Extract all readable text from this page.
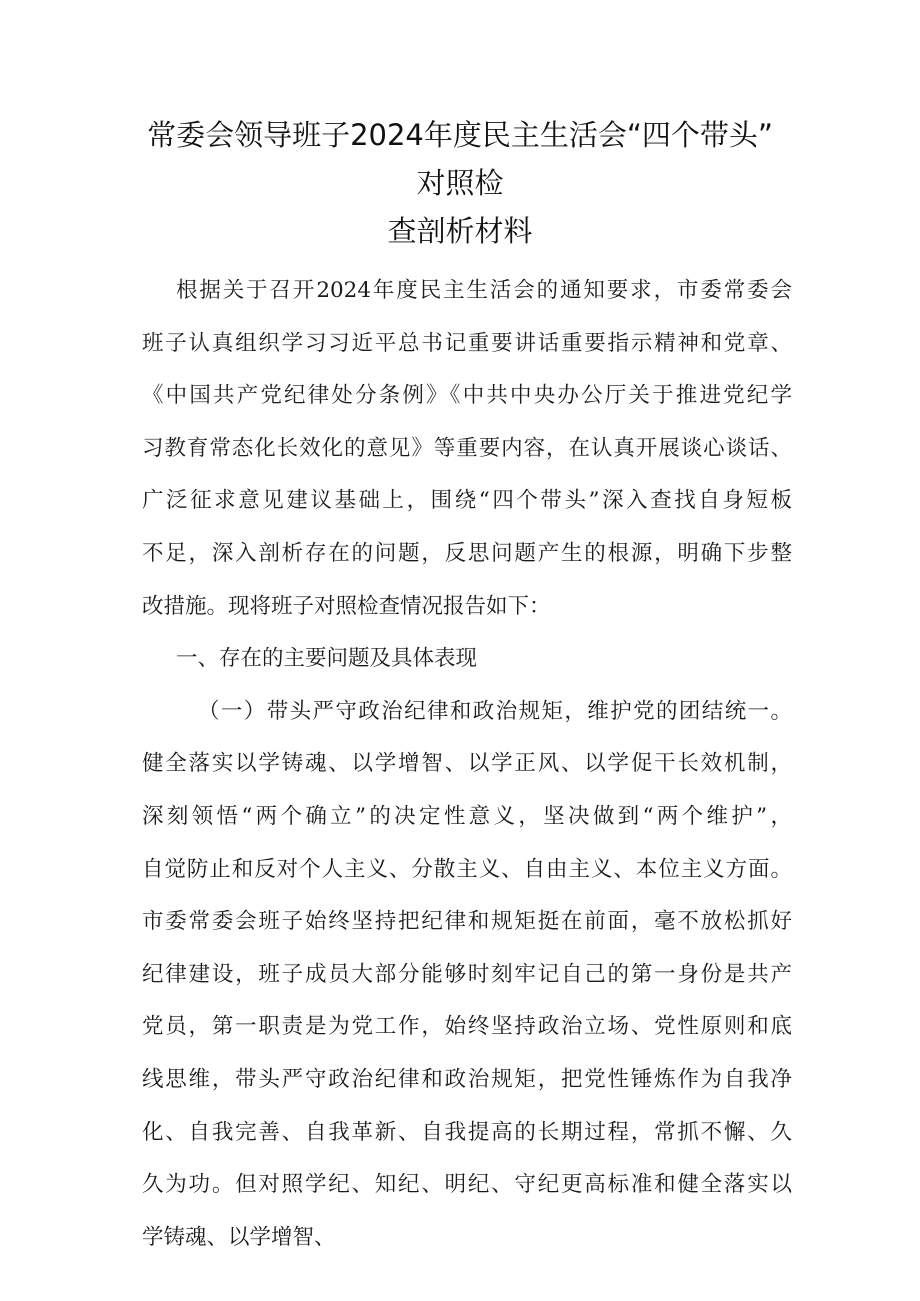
常委会领导班子2024年度民主生活会“四个带头”
对照检
查剖析材料
根据关于召开2024年度民主生活会的通知要求，市委常委会
班子认真组织学习习近平总书记重要讲话重要指示精神和党章、
《中国共产党纪律处分条例》《中共中央办公厅关于推进党纪学
习教育常态化长效化的意见》等重要内容，在认真开展谈心谈话、
广泛征求意见建议基础上，围绕“四个带头”深入查找自身短板
不足，深入剖析存在的问题，反思问题产生的根源，明确下步整
改措施。现将班子对照检查情况报告如下：
一、存在的主要问题及具体表现
（一）带头严守政治纪律和政治规矩，维护党的团结统一。
健全落实以学铸魂、以学增智、以学正风、以学促干长效机制，
深刻领悟“两个确立”的决定性意义，坚决做到“两个维护”，
自觉防止和反对个人主义、分散主义、自由主义、本位主义方面。
市委常委会班子始终坚持把纪律和规矩挺在前面，毫不放松抓好
纪律建设，班子成员大部分能够时刻牢记自己的第一身份是共产
党员，第一职责是为党工作，始终坚持政治立场、党性原则和底
线思维，带头严守政治纪律和政治规矩，把党性锤炼作为自我净
化、自我完善、自我革新、自我提高的长期过程，常抓不懈、久
久为功。但对照学纪、知纪、明纪、守纪更高标准和健全落实以
学铸魂、以学增智、
